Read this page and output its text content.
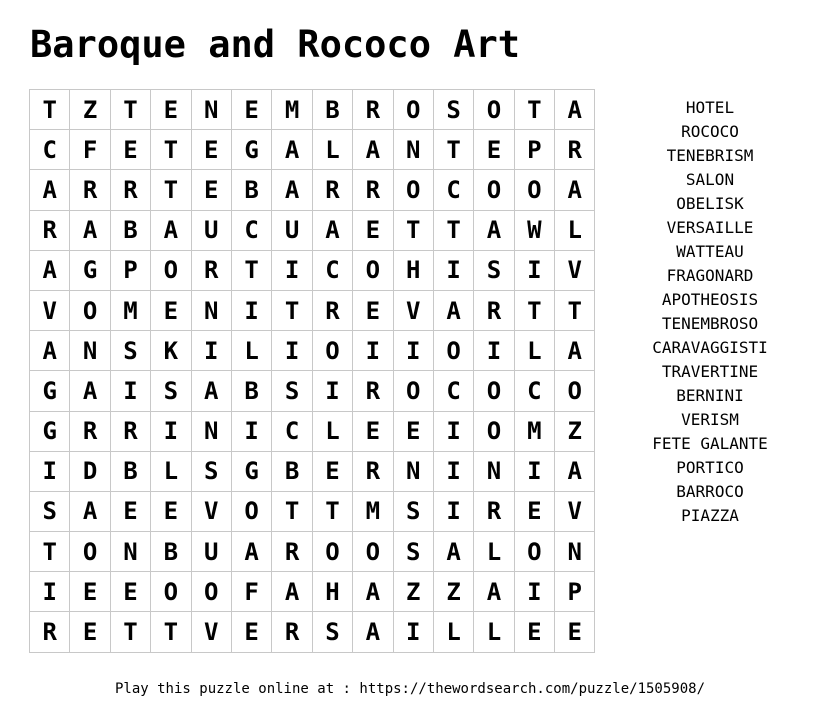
Baroque and Rococo Art
T	Z	T	E	N	E	M	B	R	O	S	O	T	A
C	F	E	T	E	G	A	L	A	N	T	E	P	R
A	R	R	T	E	B	A	R	R	O	C	O	O	A
R	A	B	A	U	C	U	A	E	T	T	A	W	L
A	G	P	O	R	T	I	C	O	H	I	S	I	V
V	O	M	E	N	I	T	R	E	V	A	R	T	T
A	N	S	K	I	L	I	O	I	I	O	I	L	A
G	A	I	S	A	B	S	I	R	O	C	O	C	O
G	R	R	I	N	I	C	L	E	E	I	O	M	Z
I	D	B	L	S	G	B	E	R	N	I	N	I	A
S	A	E	E	V	O	T	T	M	S	I	R	E	V
T	O	N	B	U	A	R	O	O	S	A	L	O	N
I	E	E	O	O	F	A	H	A	Z	Z	A	I	P
R	E	T	T	V	E	R	S	A	I	L	L	E	E
HOTEL
ROCOCO
TENEBRISM
SALON
OBELISK
VERSAILLE
WATTEAU
FRAGONARD
APOTHEOSIS
TENEMBROSO
CARAVAGGISTI
TRAVERTINE
BERNINI
VERISM
FETE GALANTE
PORTICO
BARROCO
PIAZZA
Play this puzzle online at : https://thewordsearch.com/puzzle/1505908/
